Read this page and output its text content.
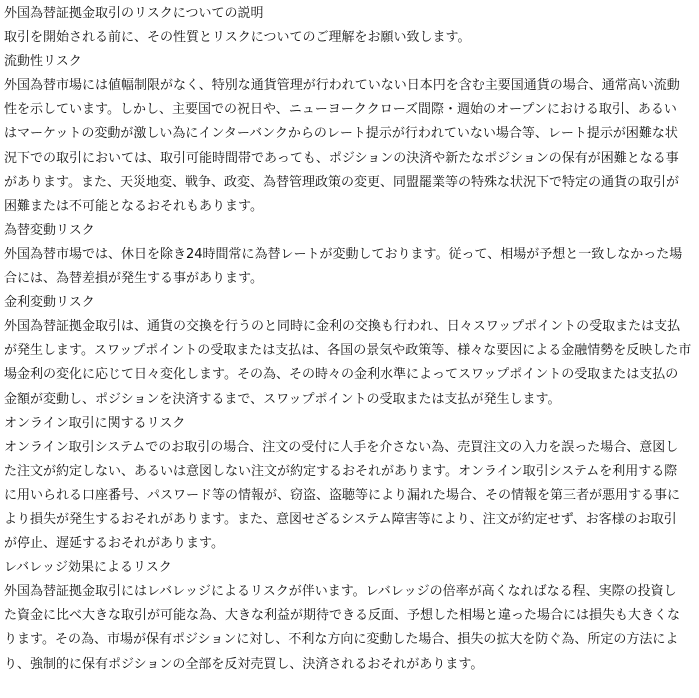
外国為替証拠金取引のリスクについての説明
取引を開始される前に、その性質とリスクについてのご理解をお願い致します。
流動性リスク
外国為替市場には値幅制限がなく、特別な通貨管理が行われていない日本円を含む主要国通貨の場合、通常高い流動
性を示しています。しかし、主要国での祝日や、ニューヨーククローズ間際・週始のオープンにおける取引、あるい
はマーケットの変動が激しい為にインターバンクからのレート提示が行われていない場合等、レート提示が困難な状
況下での取引においては、取引可能時間帯であっても、ポジションの決済や新たなポジションの保有が困難となる事
があります。また、天災地変、戦争、政変、為替管理政策の変更、同盟罷業等の特殊な状況下で特定の通貨の取引が
困難または不可能となるおそれもあります。
為替変動リスク
外国為替市場では、休日を除き24時間常に為替レートが変動しております。従って、相場が予想と一致しなかった場
合には、為替差損が発生する事があります。
金利変動リスク
外国為替証拠金取引は、通貨の交換を行うのと同時に金利の交換も行われ、日々スワップポイントの受取または支払
が発生します。スワップポイントの受取または支払は、各国の景気や政策等、様々な要因による金融情勢を反映した市
場金利の変化に応じて日々変化します。その為、その時々の金利水準によってスワップポイントの受取または支払の
金額が変動し、ポジションを決済するまで、スワップポイントの受取または支払が発生します。
オンライン取引に関するリスク
オンライン取引システムでのお取引の場合、注文の受付に人手を介さない為、売買注文の入力を誤った場合、意図し
た注文が約定しない、あるいは意図しない注文が約定するおそれがあります。オンライン取引システムを利用する際
に用いられる口座番号、パスワード等の情報が、窃盗、盗聴等により漏れた場合、その情報を第三者が悪用する事に
より損失が発生するおそれがあります。また、意図せざるシステム障害等により、注文が約定せず、お客様のお取引
が停止、遅延するおそれがあります。
レバレッジ効果によるリスク
外国為替証拠金取引にはレバレッジによるリスクが伴います。レバレッジの倍率が高くなればなる程、実際の投資し
た資金に比べ大きな取引が可能な為、大きな利益が期待できる反面、予想した相場と違った場合には損失も大きくな
ります。その為、市場が保有ポジションに対し、不利な方向に変動した場合、損失の拡大を防ぐ為、所定の方法によ
り、強制的に保有ポジションの全部を反対売買し、決済されるおそれがあります。
